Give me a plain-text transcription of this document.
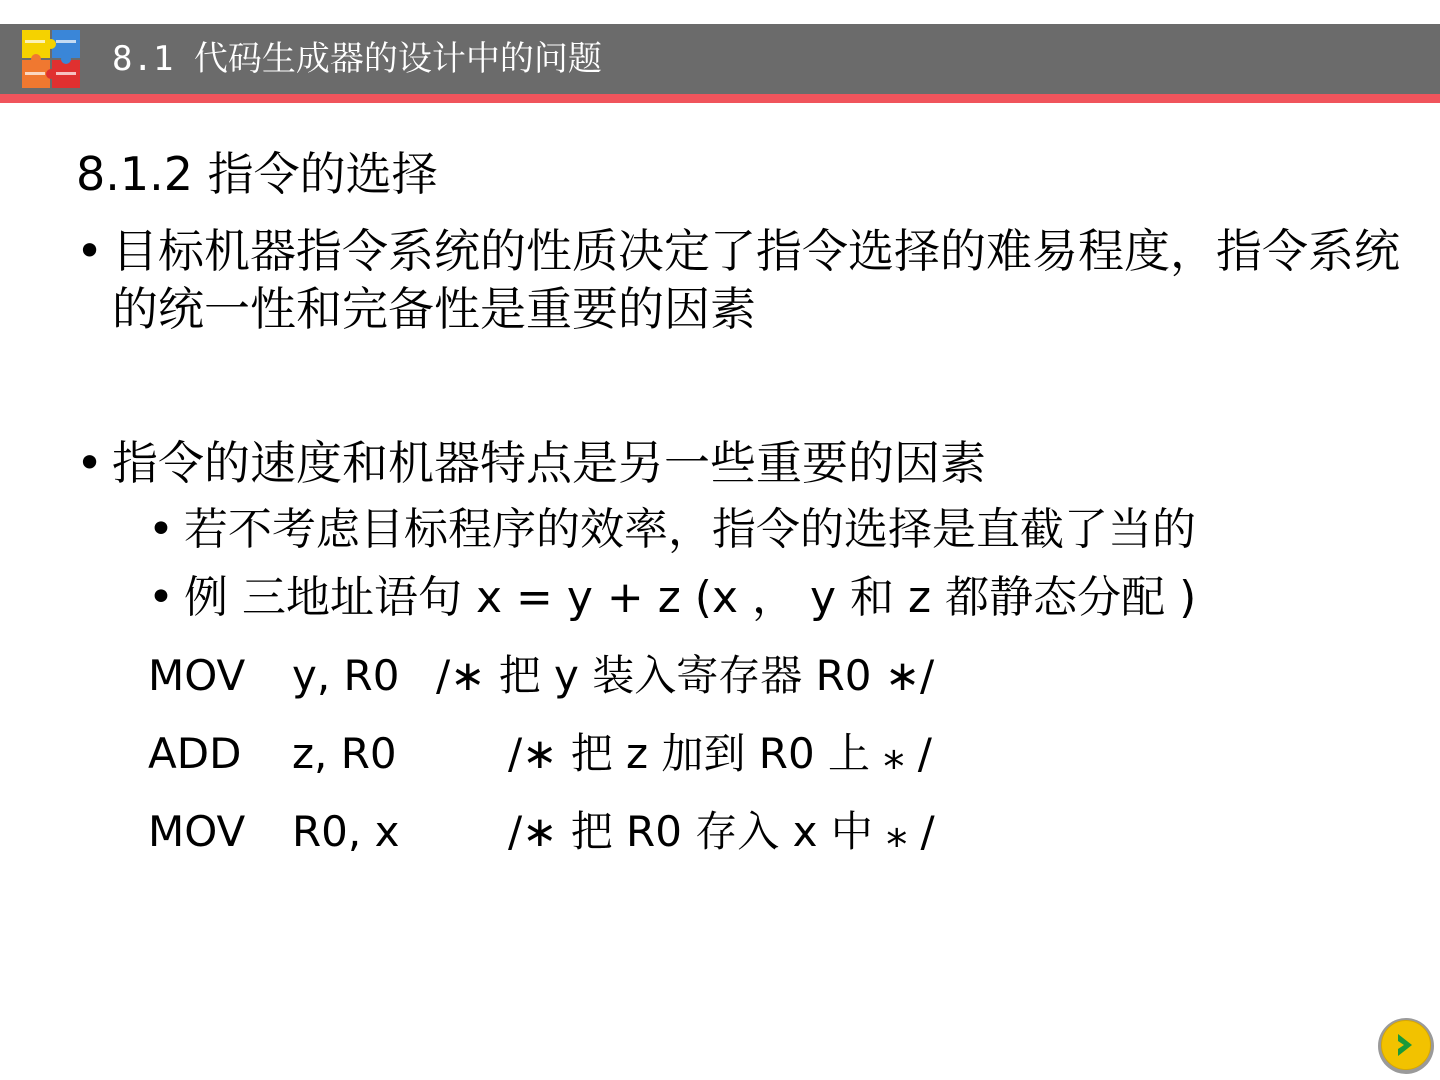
8.1 代码生成器的设计中的问题
8.1.2 指令的选择
• 目标机器指令系统的性质决定了指令选择的难易程度，指令系统的统一性和完备性是重要的因素
• 指令的速度和机器特点是另一些重要的因素
• 若不考虑目标程序的效率，指令的选择是直截了当的
• 例 三地址语句 x = y + z (x ， y 和 z 都静态分配 )
MOV y, R0 /∗ 把 y 装入寄存器 R0 ∗/
ADD z, R0	/∗ 把 z 加到 R0 上 ⁎ /
MOV R0, x	/∗ 把 R0 存入 x 中 ⁎ /
